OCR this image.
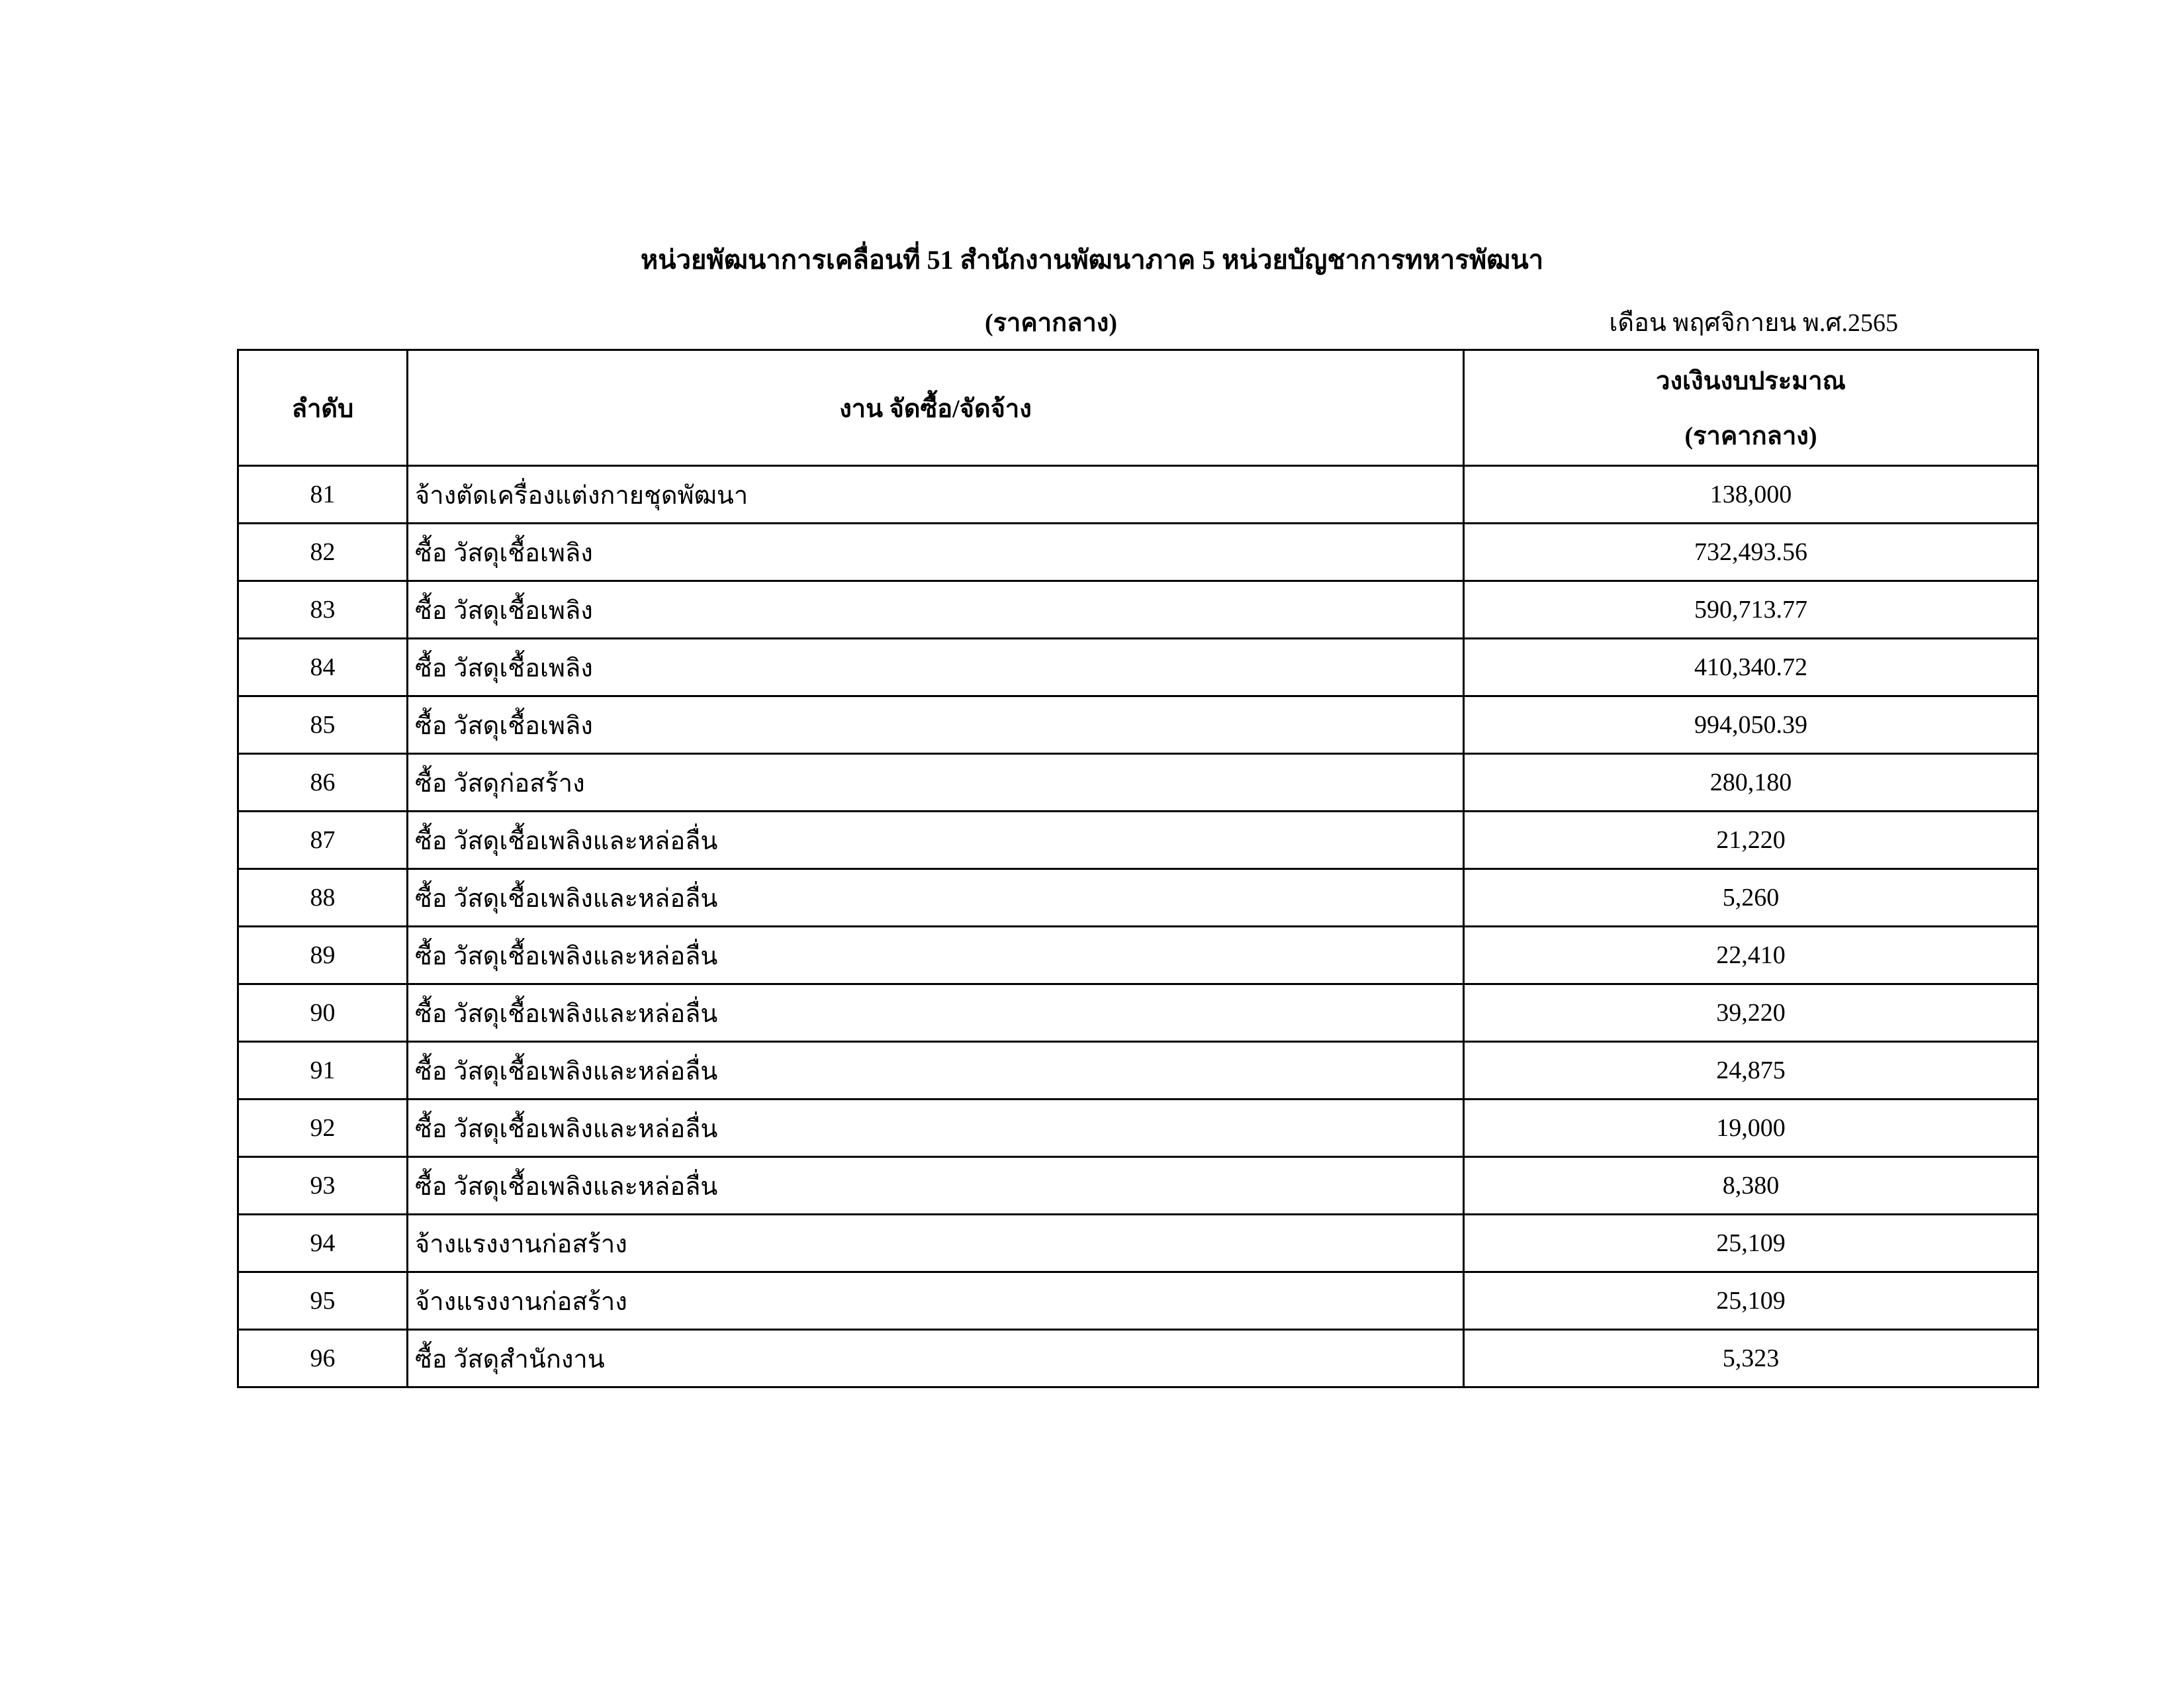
หน่วยพัฒนาการเคลื่อนที่ 51 สำนักงานพัฒนาภาค 5 หน่วยบัญชาการทหารพัฒนา
(ราคากลาง)	เดือน พฤศจิกายน พ.ศ.2565
ลำดับ	งาน จัดซื้อ/จัดจ้าง	วงเงินงบประมาณ
(ราคากลาง)

81	จ้างตัดเครื่องแต่งกายชุดพัฒนา	138,000
82	ซื้อ วัสดุเชื้อเพลิง	732,493.56
83	ซื้อ วัสดุเชื้อเพลิง	590,713.77
84	ซื้อ วัสดุเชื้อเพลิง	410,340.72
85	ซื้อ วัสดุเชื้อเพลิง	994,050.39
86	ซื้อ วัสดุก่อสร้าง	280,180
87	ซื้อ วัสดุเชื้อเพลิงและหล่อลื่น	21,220
88	ซื้อ วัสดุเชื้อเพลิงและหล่อลื่น	5,260
89	ซื้อ วัสดุเชื้อเพลิงและหล่อลื่น	22,410
90	ซื้อ วัสดุเชื้อเพลิงและหล่อลื่น	39,220
91	ซื้อ วัสดุเชื้อเพลิงและหล่อลื่น	24,875
92	ซื้อ วัสดุเชื้อเพลิงและหล่อลื่น	19,000
93	ซื้อ วัสดุเชื้อเพลิงและหล่อลื่น	8,380
94	จ้างแรงงานก่อสร้าง	25,109
95	จ้างแรงงานก่อสร้าง	25,109
96	ซื้อ วัสดุสำนักงาน	5,323
